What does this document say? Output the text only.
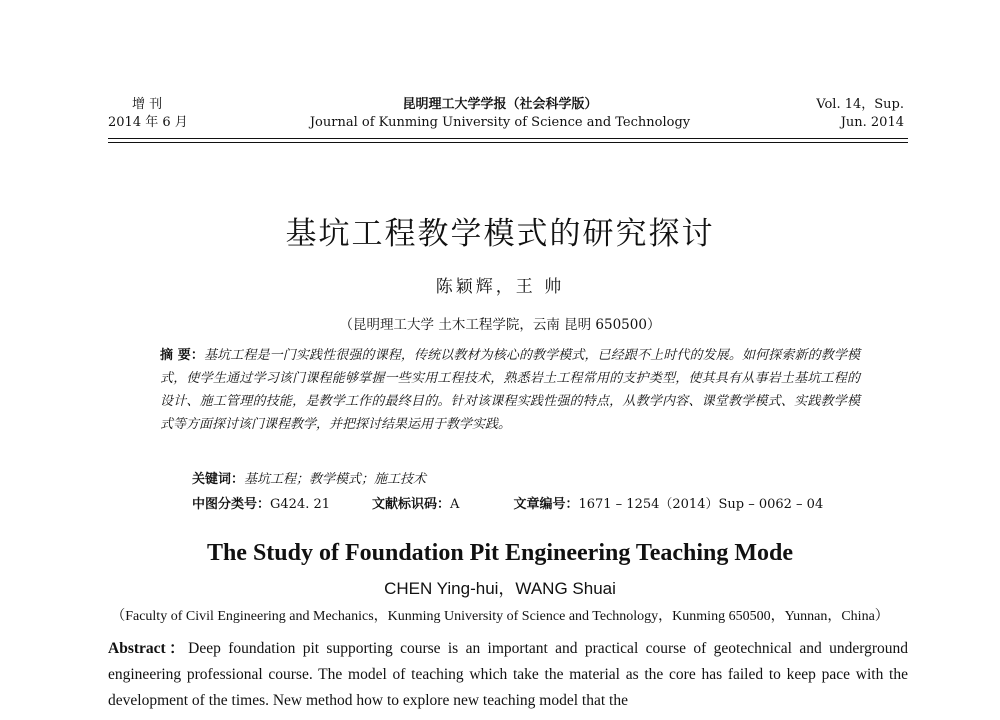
增 刊
2014 年 6 月
昆明理工大学学报（社会科学版）
Journal of Kunming University of Science and Technology
Vol. 14，Sup.
Jun. 2014
基坑工程教学模式的研究探讨
陈颖辉，王 帅
（昆明理工大学 土木工程学院，云南 昆明 650500）
摘 要：基坑工程是一门实践性很强的课程，传统以教材为核心的教学模式，已经跟不上时代的发展。如何探索新的教学模式，使学生通过学习该门课程能够掌握一些实用工程技术，熟悉岩土工程常用的支护类型，使其具有从事岩土基坑工程的设计、施工管理的技能，是教学工作的最终目的。针对该课程实践性强的特点，从教学内容、课堂教学模式、实践教学模式等方面探讨该门课程教学，并把探讨结果运用于教学实践。
关键词：基坑工程；教学模式；施工技术
中图分类号：G424. 21	文献标识码：A	文章编号：1671 – 1254（2014）Sup – 0062 – 04
The Study of Foundation Pit Engineering Teaching Mode
CHEN Ying-hui，WANG Shuai
（Faculty of Civil Engineering and Mechanics，Kunming University of Science and Technology，Kunming 650500，Yunnan，China）
Abstract：Deep foundation pit supporting course is an important and practical course of geotechnical and underground engineering professional course. The model of teaching which take the material as the core has failed to keep pace with the development of the times. New method how to explore new teaching model that the
